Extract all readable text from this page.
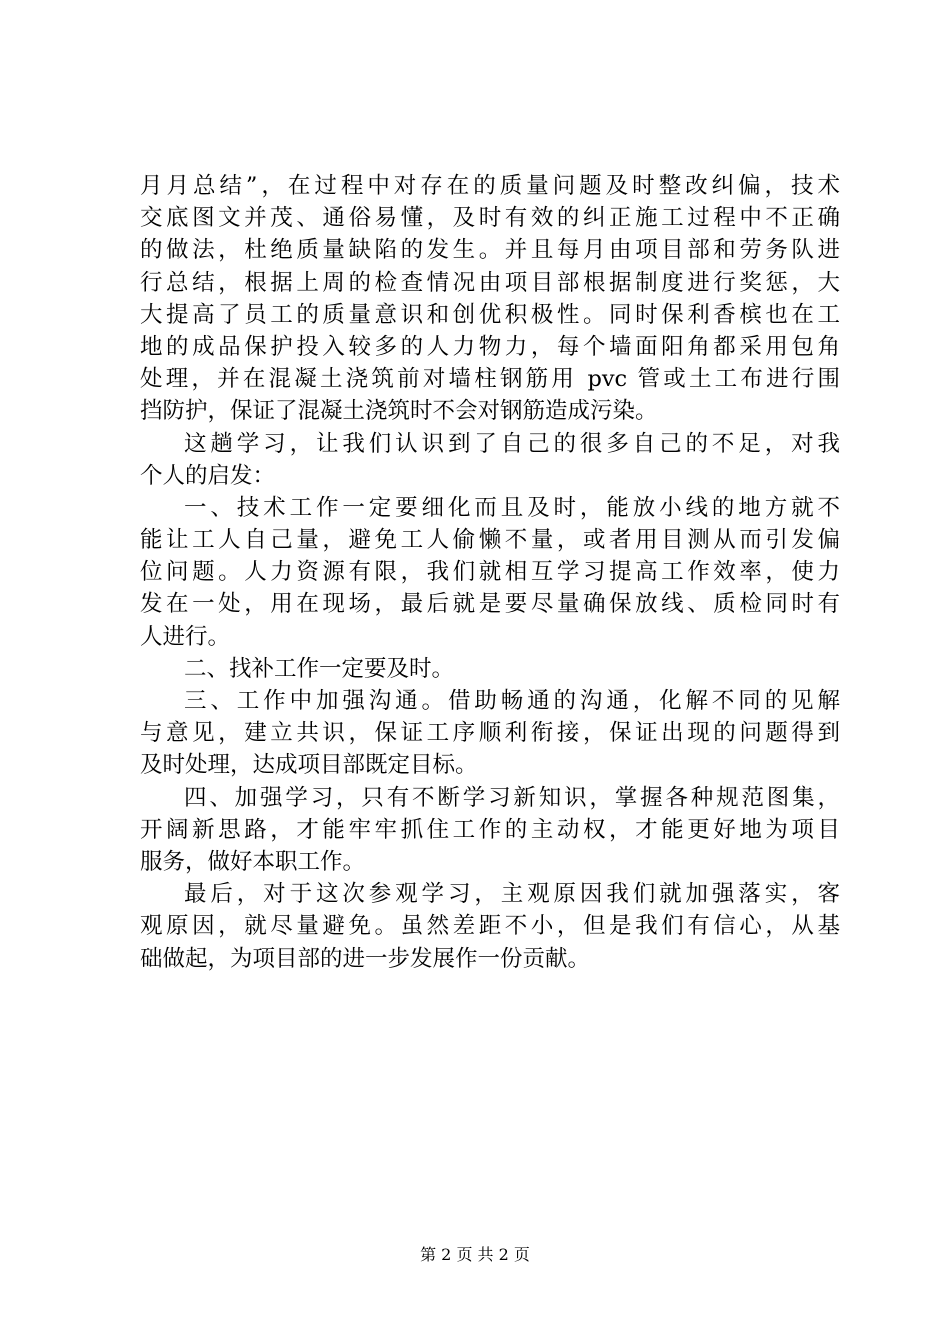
月月总结”，在过程中对存在的质量问题及时整改纠偏，技术
交底图文并茂、通俗易懂，及时有效的纠正施工过程中不正确
的做法，杜绝质量缺陷的发生。并且每月由项目部和劳务队进
行总结，根据上周的检查情况由项目部根据制度进行奖惩，大
大提高了员工的质量意识和创优积极性。同时保利香槟也在工
地的成品保护投入较多的人力物力，每个墙面阳角都采用包角
处理，并在混凝土浇筑前对墙柱钢筋用 pvc 管或土工布进行围
挡防护，保证了混凝土浇筑时不会对钢筋造成污染。
这趟学习，让我们认识到了自己的很多自己的不足，对我
个人的启发：
一、技术工作一定要细化而且及时，能放小线的地方就不
能让工人自己量，避免工人偷懒不量，或者用目测从而引发偏
位问题。人力资源有限，我们就相互学习提高工作效率，使力
发在一处，用在现场，最后就是要尽量确保放线、质检同时有
人进行。
二、找补工作一定要及时。
三、工作中加强沟通。借助畅通的沟通，化解不同的见解
与意见，建立共识，保证工序顺利衔接，保证出现的问题得到
及时处理，达成项目部既定目标。
四、加强学习，只有不断学习新知识，掌握各种规范图集，
开阔新思路，才能牢牢抓住工作的主动权，才能更好地为项目
服务，做好本职工作。
最后，对于这次参观学习，主观原因我们就加强落实，客
观原因，就尽量避免。虽然差距不小，但是我们有信心，从基
础做起，为项目部的进一步发展作一份贡献。
第 2 页 共 2 页
